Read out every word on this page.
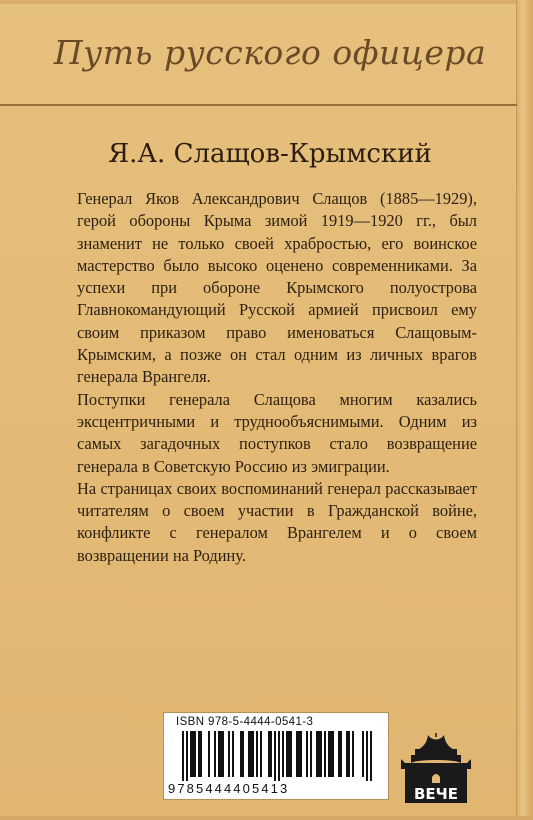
Путь русского офицера
Я.А. Слащов-Крымский

Генерал Яков Александрович Слащов (1885—1929), герой обороны Крыма зимой 1919—1920 гг., был знаменит не только своей храбростью, его воинское мастерство было высоко оценено современниками. За успехи при обороне Крымского полуострова Главнокомандующий Русской армией присвоил ему своим приказом право именоваться Слащовым-Крымским, а позже он стал одним из личных врагов генерала Врангеля.

Поступки генерала Слащова многим казались эксцентричными и труднообъяснимыми. Одним из самых загадочных поступков стало возвращение генерала в Советскую Россию из эмиграции.

На страницах своих воспоминаний генерал рассказывает читателям о своем участии в Гражданской войне, конфликте с генералом Врангелем и о своем возвращении на Родину.

ISBN 978-5-4444-0541-3
9785444405413	ВЕЧЕ
